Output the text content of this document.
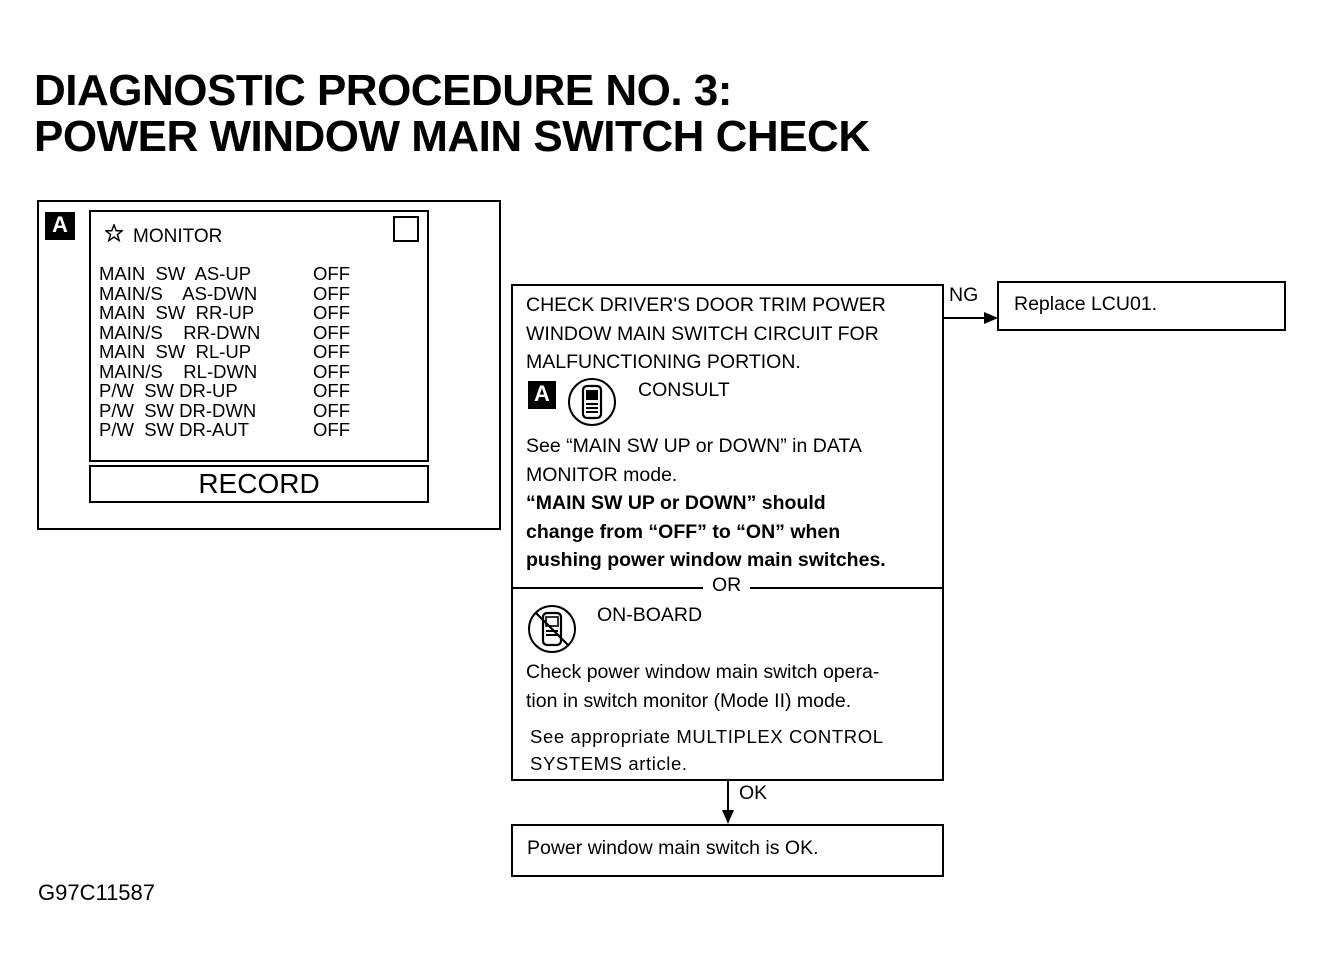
DIAGNOSTIC PROCEDURE NO. 3:
POWER WINDOW MAIN SWITCH CHECK
A	MONITOR
MAIN  SW  AS-UP	OFF
MAIN/S    AS-DWN	OFF
MAIN  SW  RR-UP	OFF
MAIN/S    RR-DWN	OFF
MAIN  SW  RL-UP	OFF
MAIN/S    RL-DWN	OFF
P/W  SW DR-UP	OFF
P/W  SW DR-DWN	OFF
P/W  SW DR-AUT	OFF
RECORD
CHECK DRIVER'S DOOR TRIM POWER
WINDOW MAIN SWITCH CIRCUIT FOR
MALFUNCTIONING PORTION.
A	CONSULT
See “MAIN SW UP or DOWN” in DATA
MONITOR mode.
“MAIN SW UP or DOWN” should
change from “OFF” to “ON” when
pushing power window main switches.
OR
ON-BOARD
Check power window main switch opera-
tion in switch monitor (Mode II) mode.
See appropriate MULTIPLEX CONTROL
SYSTEMS article.
NG Replace LCU01.
OK
Power window main switch is OK.
G97C11587
